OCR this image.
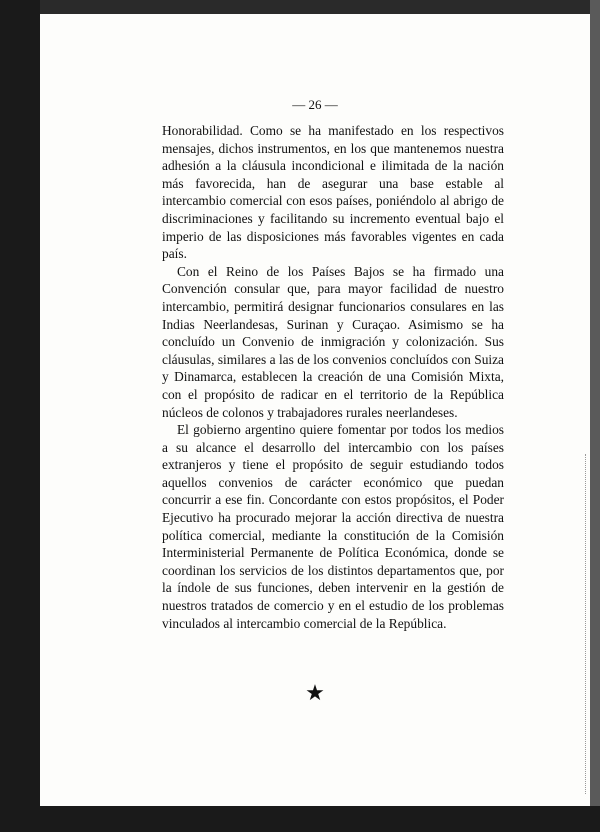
— 26 —

Honorabilidad. Como se ha manifestado en los respectivos mensajes, dichos instrumentos, en los que mantenemos nuestra adhesión a la cláusula incondicional e ilimitada de la nación más favorecida, han de asegurar una base estable al intercambio comercial con esos países, poniéndolo al abrigo de discriminaciones y facilitando su incremento eventual bajo el imperio de las disposiciones más favorables vigentes en cada país.

Con el Reino de los Países Bajos se ha firmado una Convención consular que, para mayor facilidad de nuestro intercambio, permitirá designar funcionarios consulares en las Indias Neerlandesas, Surinan y Curaçao. Asimismo se ha concluído un Convenio de inmigración y colonización. Sus cláusulas, similares a las de los convenios concluídos con Suiza y Dinamarca, establecen la creación de una Comisión Mixta, con el propósito de radicar en el territorio de la República núcleos de colonos y trabajadores rurales neerlandeses.

El gobierno argentino quiere fomentar por todos los medios a su alcance el desarrollo del intercambio con los países extranjeros y tiene el propósito de seguir estudiando todos aquellos convenios de carácter económico que puedan concurrir a ese fin. Concordante con estos propósitos, el Poder Ejecutivo ha procurado mejorar la acción directiva de nuestra política comercial, mediante la constitución de la Comisión Interministerial Permanente de Política Económica, donde se coordinan los servicios de los distintos departamentos que, por la índole de sus funciones, deben intervenir en la gestión de nuestros tratados de comercio y en el estudio de los problemas vinculados al intercambio comercial de la República.

★
